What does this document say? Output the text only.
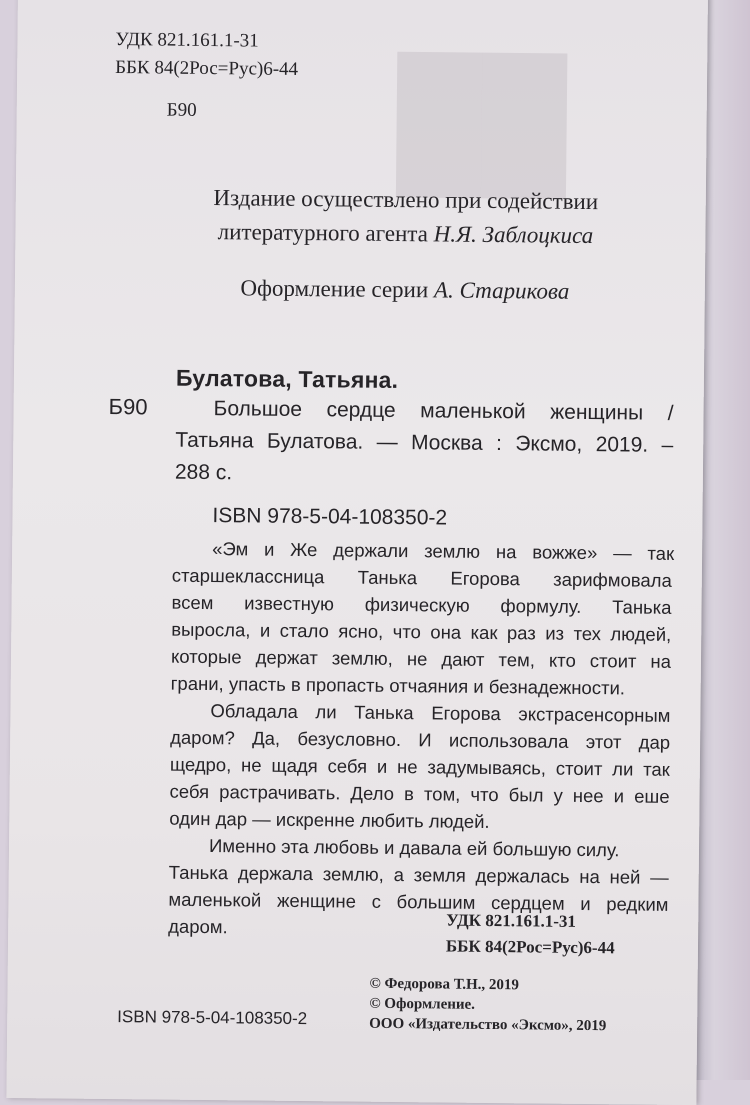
██
УДК 821.161.1-31
ББК 84(2Рос=Рус)6-44
Б90
Издание осуществлено при содействии
литературного агента Н.Я. Заблоцкиса
Оформление серии А. Старикова
Булатова, Татьяна.
Б90	Большое сердце маленькой женщины /
Татьяна Булатова. — Москва : Эксмо, 2019. –
288 с.
ISBN 978-5-04-108350-2
«Эм и Же держали землю на вожже» — так
старшеклассница Танька Егорова зарифмовала
всем известную физическую формулу. Танька
выросла, и стало ясно, что она как раз из тех людей,
которые держат землю, не дают тем, кто стоит на
грани, упасть в пропасть отчаяния и безнадежности.
Обладала ли Танька Егорова экстрасенсорным
даром? Да, безусловно. И использовала этот дар
щедро, не щадя себя и не задумываясь, стоит ли так
себя растрачивать. Дело в том, что был у нее и еше
один дар — искренне любить людей.
Именно эта любовь и давала ей большую силу.
Танька держала землю, а земля держалась на ней —
маленькой женщине с большим сердцем и редким
даром.	УДК 821.161.1-31
ББК 84(2Рос=Рус)6-44
© Федорова Т.Н., 2019
© Оформление.
ООО «Издательство «Эксмо», 2019
ISBN 978-5-04-108350-2
